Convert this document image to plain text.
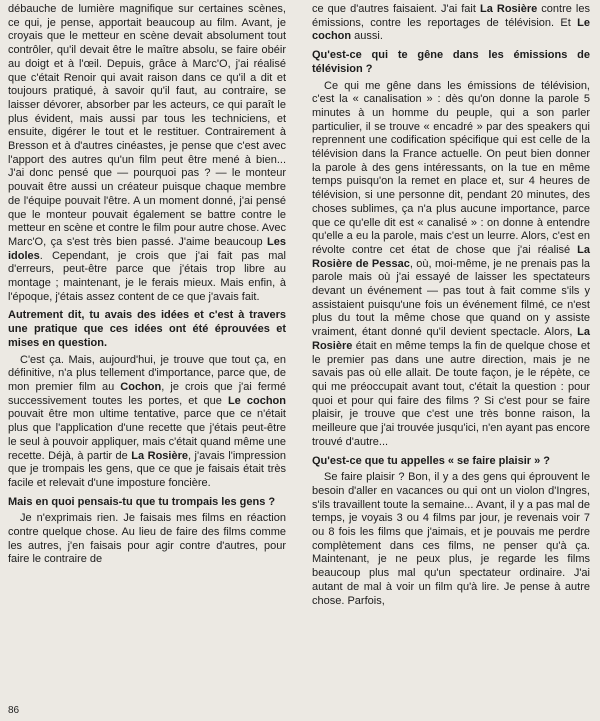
débauche de lumière magnifique sur certaines scènes, ce qui, je pense, apportait beaucoup au film. Avant, je croyais que le metteur en scène devait absolument tout contrôler, qu'il devait être le maître absolu, se faire obéir au doigt et à l'œil. Depuis, grâce à Marc'O, j'ai réalisé que c'était Renoir qui avait raison dans ce qu'il a dit et toujours pratiqué, à savoir qu'il faut, au contraire, se laisser dévorer, absorber par les acteurs, ce qui paraît le plus évident, mais aussi par tous les techniciens, et ensuite, digérer le tout et le restituer. Contrairement à Bresson et à d'autres cinéastes, je pense que c'est avec l'apport des autres qu'un film peut être mené à bien... J'ai donc pensé que — pourquoi pas ? — le monteur pouvait être aussi un créateur puisque chaque membre de l'équipe pouvait l'être. A un moment donné, j'ai pensé que le monteur pouvait également se battre contre le metteur en scène et contre le film pour autre chose. Avec Marc'O, ça s'est très bien passé. J'aime beaucoup Les idoles. Cependant, je crois que j'ai fait pas mal d'erreurs, peut-être parce que j'étais trop libre au montage ; maintenant, je le ferais mieux. Mais enfin, à l'époque, j'étais assez content de ce que j'avais fait.

Autrement dit, tu avais des idées et c'est à travers une pratique que ces idées ont été éprouvées et mises en question.

C'est ça. Mais, aujourd'hui, je trouve que tout ça, en définitive, n'a plus tellement d'importance, parce que, de mon premier film au Cochon, je crois que j'ai fermé successivement toutes les portes, et que Le cochon pouvait être mon ultime tentative, parce que ce n'était plus que l'application d'une recette que j'étais peut-être le seul à pouvoir appliquer, mais c'était quand même une recette. Déjà, à partir de La Rosière, j'avais l'impression que je trompais les gens, que ce que je faisais était très facile et relevait d'une imposture foncière.

Mais en quoi pensais-tu que tu trompais les gens ?

Je n'exprimais rien. Je faisais mes films en réaction contre quelque chose. Au lieu de faire des films comme les autres, j'en faisais pour agir contre d'autres, pour faire le contraire de

ce que d'autres faisaient. J'ai fait La Rosière contre les émissions, contre les reportages de télévision. Et Le cochon aussi.

Qu'est-ce qui te gêne dans les émissions de télévision ?

Ce qui me gêne dans les émissions de télévision, c'est la « canalisation » : dès qu'on donne la parole 5 minutes à un homme du peuple, qui a son parler particulier, il se trouve « encadré » par des speakers qui reprennent une codification spécifique qui est celle de la télévision dans la France actuelle. On peut bien donner la parole à des gens intéressants, on la tue en même temps puisqu'on la remet en place et, sur 4 heures de télévision, si une personne dit, pendant 20 minutes, des choses sublimes, ça n'a plus aucune importance, parce que ce qu'elle dit est « canalisé » : on donne à entendre qu'elle a eu la parole, mais c'est un leurre. Alors, c'est en révolte contre cet état de chose que j'ai réalisé La Rosière de Pessac, où, moi-même, je ne prenais pas la parole mais où j'ai essayé de laisser les spectateurs devant un événement — pas tout à fait comme s'ils y assistaient puisqu'une fois un événement filmé, ce n'est plus du tout la même chose que quand on y assiste vraiment, étant donné qu'il devient spectacle. Alors, La Rosière était en même temps la fin de quelque chose et le premier pas dans une autre direction, mais je ne savais pas où elle allait. De toute façon, je le répète, ce qui me préoccupait avant tout, c'était la question : pour quoi et pour qui faire des films ? Si c'est pour se faire plaisir, je trouve que c'est une très bonne raison, la meilleure que j'ai trouvée jusqu'ici, n'en ayant pas encore trouvé d'autre...

Qu'est-ce que tu appelles « se faire plaisir » ?

Se faire plaisir ? Bon, il y a des gens qui éprouvent le besoin d'aller en vacances ou qui ont un violon d'Ingres, s'ils travaillent toute la semaine... Avant, il y a pas mal de temps, je voyais 3 ou 4 films par jour, je revenais voir 7 ou 8 fois les films que j'aimais, et je pouvais me perdre complètement dans ces films, ne penser qu'à ça. Maintenant, je ne peux plus, je regarde les films beaucoup plus mal qu'un spectateur ordinaire. J'ai autant de mal à voir un film qu'à lire. Je pense à autre chose. Parfois,

86
